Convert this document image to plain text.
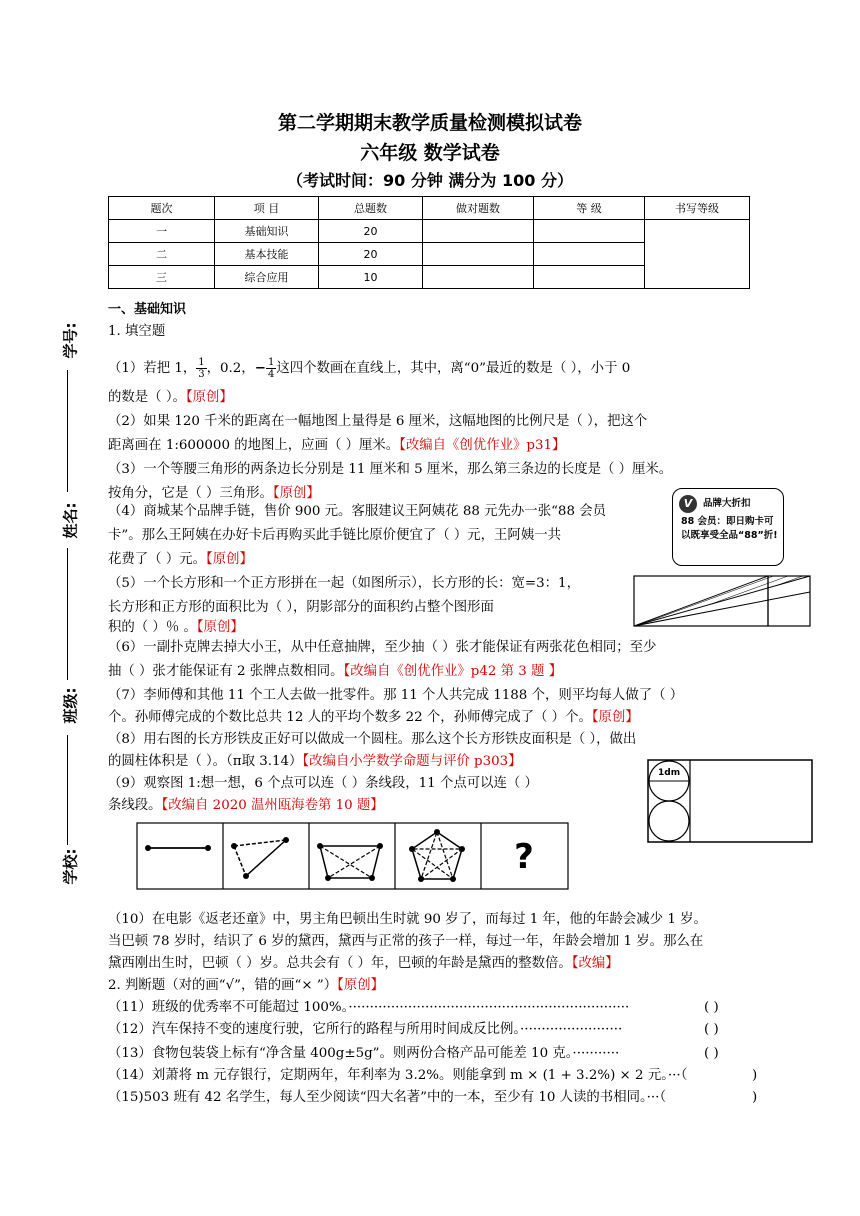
第二学期期末教学质量检测模拟试卷
六年级 数学试卷
（考试时间：90 分钟 满分为 100 分）
题次	项 目	总题数	做对题数	等 级	书写等级
一	基础知识	20			
二	基本技能	20			
三	综合应用	10			
学号:
姓名:
班级:
学校:
一、基础知识
1. 填空题
（1）若把 1， $\frac{1}{3}$ ，0.2，− $\frac{1}{4}$ 这四个数画在直线上，其中，离“0”最近的数是（ ），小于 0
的数是（ ）。【原创】
（2）如果 120 千米的距离在一幅地图上量得是 6 厘米，这幅地图的比例尺是（ ），把这个
距离画在 1:600000 的地图上，应画（ ）厘米。【改编自《创优作业》p31】
（3）一个等腰三角形的两条边长分别是 11 厘米和 5 厘米，那么第三条边的长度是（ ）厘米。
按角分，它是（ ）三角形。【原创】
（4）商城某个品牌手链，售价 900 元。客服建议王阿姨花 88 元先办一张“88 会员
卡”。那么王阿姨在办好卡后再购买此手链比原价便宜了（ ）元，王阿姨一共
花费了（ ）元。【原创】
V	品牌大折扣
88 会员：即日购卡可以既享受全品“88”折!
（5）一个长方形和一个正方形拼在一起（如图所示），长方形的长：宽=3：1，
长方形和正方形的面积比为（ ），阴影部分的面积约占整个图形面
积的（ ）％ 。【原创】
（6）一副扑克牌去掉大小王，从中任意抽牌，至少抽（ ）张才能保证有两张花色相同；至少
抽（ ）张才能保证有 2 张牌点数相同。【改编自《创优作业》p42 第 3 题 】
（7）李师傅和其他 11 个工人去做一批零件。那 11 个人共完成 1188 个，则平均每人做了（ ）
个。孙师傅完成的个数比总共 12 人的平均个数多 22 个，孙师傅完成了（ ）个。【原创】
（8）用右图的长方形铁皮正好可以做成一个圆柱。那么这个长方形铁皮面积是（ ），做出
的圆柱体积是（ ）。（π取 3.14）【改编自小学数学命题与评价 p303】
1dm
（9）观察图 1:想一想，6 个点可以连（ ）条线段，11 个点可以连（ ）
条线段。【改编自 2020 温州瓯海卷第 10 题】
?
（10）在电影《返老还童》中，男主角巴顿出生时就 90 岁了，而每过 1 年，他的年龄会减少 1 岁。
当巴顿 78 岁时，结识了 6 岁的黛西，黛西与正常的孩子一样，每过一年，年龄会增加 1 岁。那么在
黛西刚出生时，巴顿（ ）岁。总共会有（ ）年，巴顿的年龄是黛西的整数倍。【改编】
2. 判断题（对的画“√”，错的画“× ”）【原创】
（11）班级的优秀率不可能超过 100%。··································································	( )
（12）汽车保持不变的速度行驶，它所行的路程与所用时间成反比例。························	( )
（13）食物包装袋上标有“净含量 400g±5g”。则两份合格产品可能差 10 克。···········	( )
（14）刘萧将 m 元存银行，定期两年，年利率为 3.2%。则能拿到 m × (1 + 3.2%) × 2 元。···（	)
（15)503 班有 42 名学生，每人至少阅读“四大名著”中的一本，至少有 10 人读的书相同。···（	)
